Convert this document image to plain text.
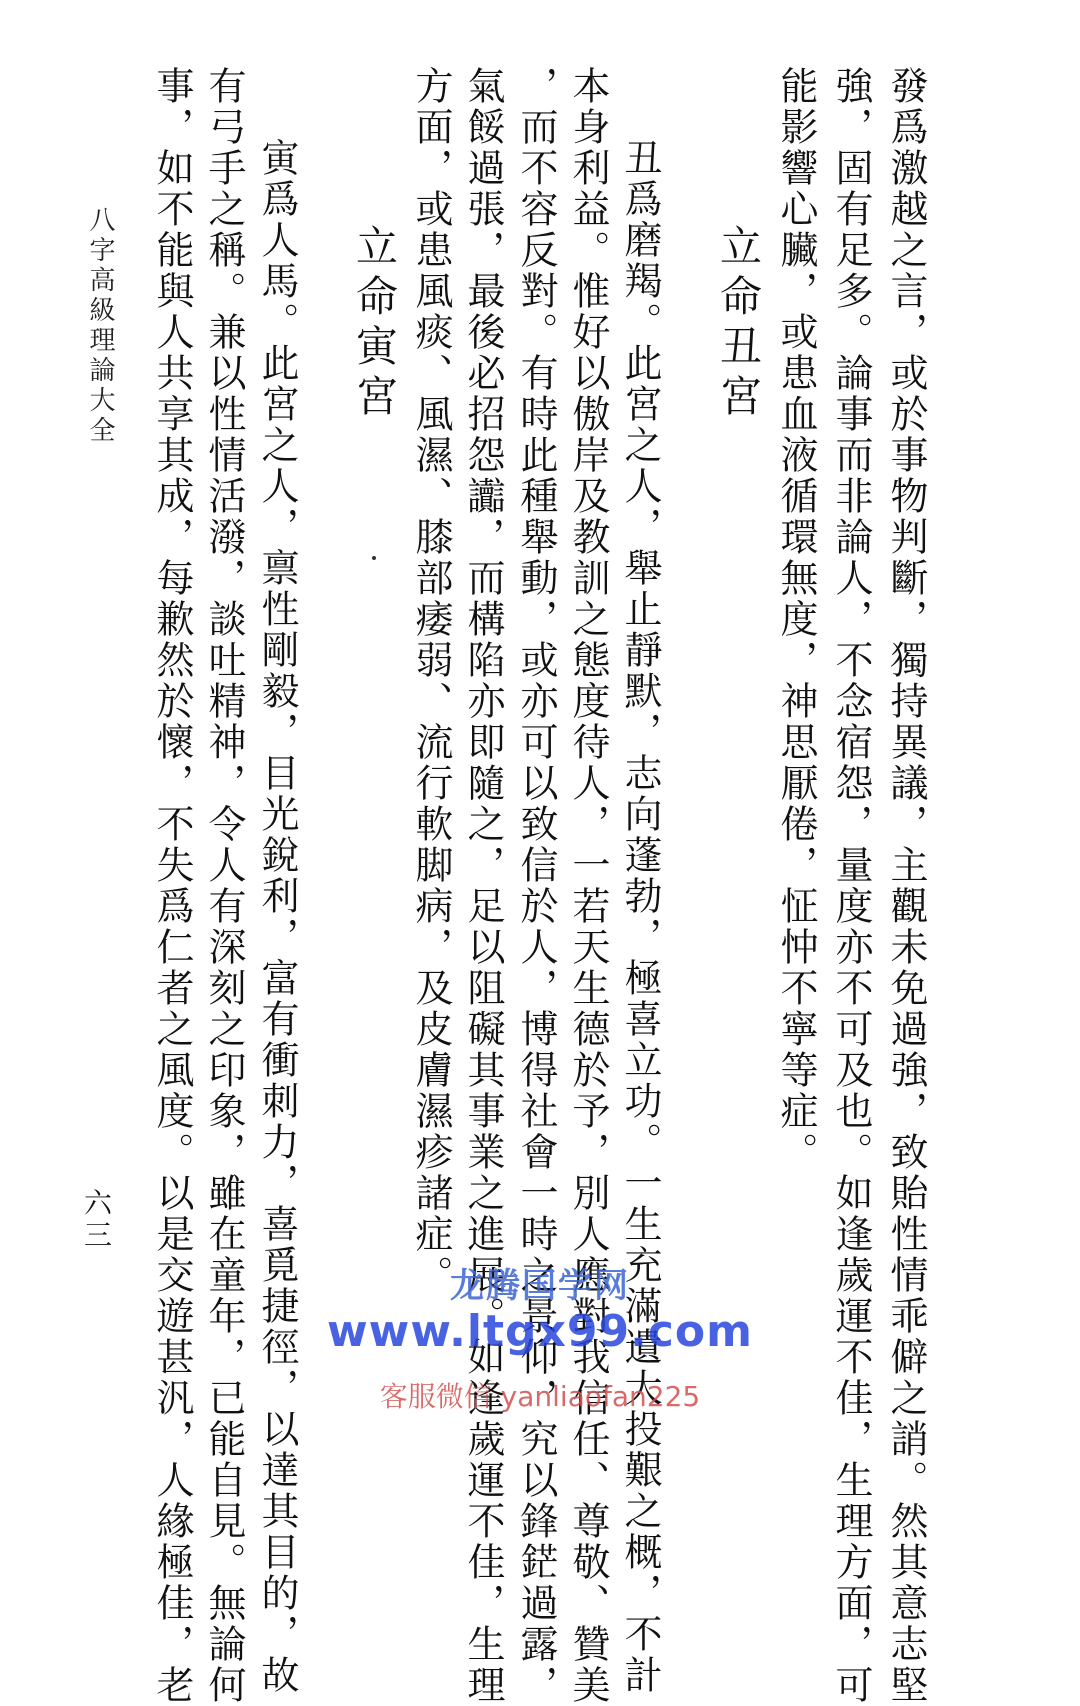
發爲激越之言，或於事物判斷，獨持異議，主觀未免過強，致貽性情乖僻之誚。然其意志堅

強，固有足多。論事而非論人，不念宿怨，量度亦不可及也。如逢歲運不佳，生理方面，可

能影響心臟，或患血液循環無度，神思厭倦，怔忡不寧等症。

立命丑宮

丑爲磨羯。此宮之人，舉止靜默，志向蓬勃，極喜立功。一生充滿遺大投艱之概，不計

本身利益。惟好以傲岸及教訓之態度待人，一若天生德於予，別人應對我信任、尊敬、贊美

，而不容反對。有時此種舉動，或亦可以致信於人，博得社會一時之景仰，究以鋒鋩過露，

氣餒過張，最後必招怨讟，而構陷亦即隨之，足以阻礙其事業之進展。如逢歲運不佳，生理

方面，或患風痰、風濕、膝部痿弱、流行軟脚病，及皮膚濕疹諸症。

立命寅宮

寅爲人馬。此宮之人，禀性剛毅，目光銳利，富有衝刺力，喜覓捷徑，以達其目的，故

有弓手之稱。兼以性情活潑，談吐精神，令人有深刻之印象，雖在童年，已能自見。無論何

事，如不能與人共享其成，每歉然於懷，不失爲仁者之風度。以是交遊甚汎，人緣極佳，老

八字高級理論大全
六三
龙腾国学网
www.ltgx99.com
客服微信 yanliaofan225
